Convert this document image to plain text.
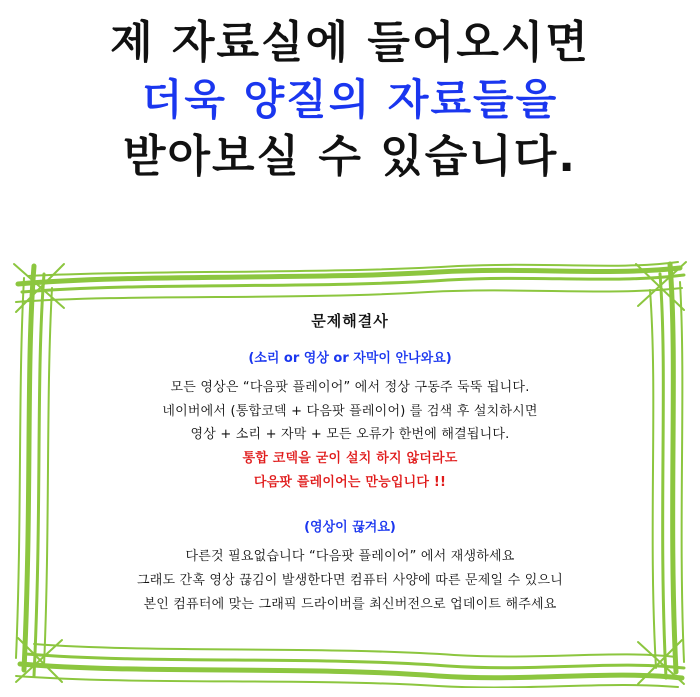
제 자료실에 들어오시면
더욱 양질의 자료들을
받아보실 수 있습니다.
문제해결사
(소리 or 영상 or 자막이 안나와요)
모든 영상은 “다음팟 플레이어” 에서 정상 구동주 둑뚝 됩니다.
네이버에서 (통합코덱 + 다음팟 플레이어) 를 검색 후 설치하시면
영상 + 소리 + 자막 + 모든 오류가 한번에 해결됩니다.
통합 코덱을 굳이 설치 하지 않더라도
다음팟 플레이어는 만능입니다 !!
(영상이 끊겨요)
다른것 필요없습니다 “다음팟 플레이어” 에서 재생하세요
그래도 간혹 영상 끊김이 발생한다면 컴퓨터 사양에 따른 문제일 수 있으니
본인 컴퓨터에 맞는 그래픽 드라이버를 최신버전으로 업데이트 해주세요
